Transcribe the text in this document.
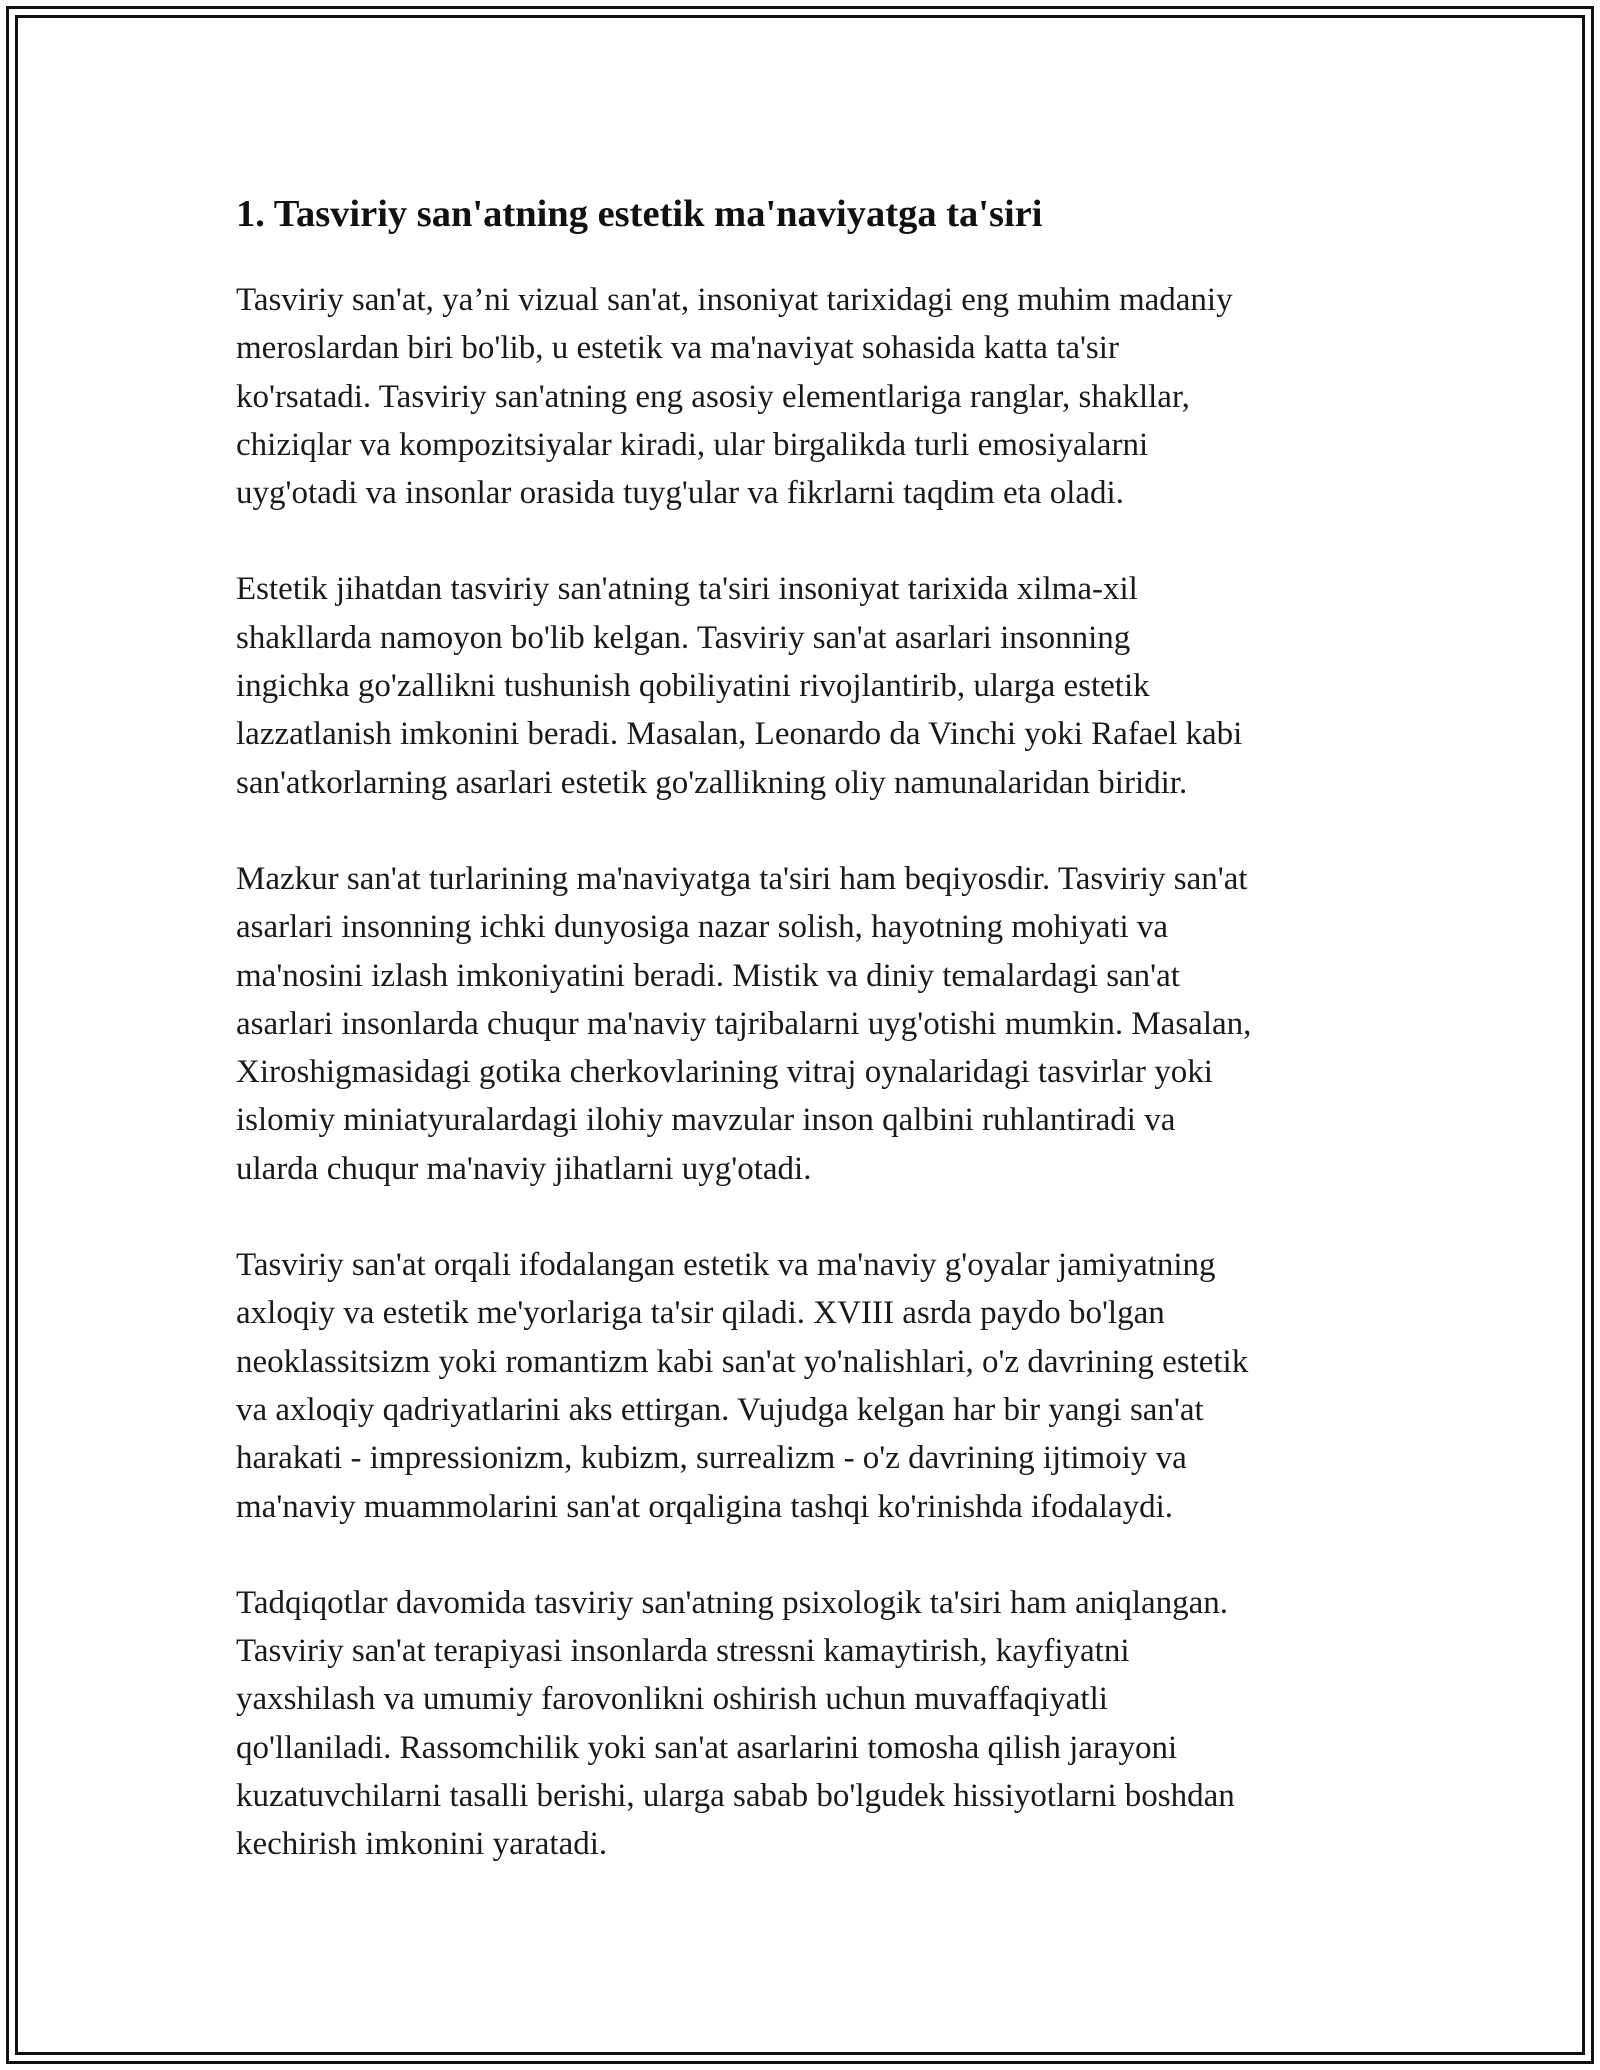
1. Tasviriy san'atning estetik ma'naviyatga ta'siri

Tasviriy san'at, ya’ni vizual san'at, insoniyat tarixidagi eng muhim madaniy
meroslardan biri bo'lib, u estetik va ma'naviyat sohasida katta ta'sir
ko'rsatadi. Tasviriy san'atning eng asosiy elementlariga ranglar, shakllar,
chiziqlar va kompozitsiyalar kiradi, ular birgalikda turli emosiyalarni
uyg'otadi va insonlar orasida tuyg'ular va fikrlarni taqdim eta oladi.

Estetik jihatdan tasviriy san'atning ta'siri insoniyat tarixida xilma-xil
shakllarda namoyon bo'lib kelgan. Tasviriy san'at asarlari insonning
ingichka go'zallikni tushunish qobiliyatini rivojlantirib, ularga estetik
lazzatlanish imkonini beradi. Masalan, Leonardo da Vinchi yoki Rafael kabi
san'atkorlarning asarlari estetik go'zallikning oliy namunalaridan biridir.

Mazkur san'at turlarining ma'naviyatga ta'siri ham beqiyosdir. Tasviriy san'at
asarlari insonning ichki dunyosiga nazar solish, hayotning mohiyati va
ma'nosini izlash imkoniyatini beradi. Mistik va diniy temalardagi san'at
asarlari insonlarda chuqur ma'naviy tajribalarni uyg'otishi mumkin. Masalan,
Xiroshigmasidagi gotika cherkovlarining vitraj oynalaridagi tasvirlar yoki
islomiy miniatyuralardagi ilohiy mavzular inson qalbini ruhlantiradi va
ularda chuqur ma'naviy jihatlarni uyg'otadi.

Tasviriy san'at orqali ifodalangan estetik va ma'naviy g'oyalar jamiyatning
axloqiy va estetik me'yorlariga ta'sir qiladi. XVIII asrda paydo bo'lgan
neoklassitsizm yoki romantizm kabi san'at yo'nalishlari, o'z davrining estetik
va axloqiy qadriyatlarini aks ettirgan. Vujudga kelgan har bir yangi san'at
harakati - impressionizm, kubizm, surrealizm - o'z davrining ijtimoiy va
ma'naviy muammolarini san'at orqaligina tashqi ko'rinishda ifodalaydi.

Tadqiqotlar davomida tasviriy san'atning psixologik ta'siri ham aniqlangan.
Tasviriy san'at terapiyasi insonlarda stressni kamaytirish, kayfiyatni
yaxshilash va umumiy farovonlikni oshirish uchun muvaffaqiyatli
qo'llaniladi. Rassomchilik yoki san'at asarlarini tomosha qilish jarayoni
kuzatuvchilarni tasalli berishi, ularga sabab bo'lgudek hissiyotlarni boshdan
kechirish imkonini yaratadi.
